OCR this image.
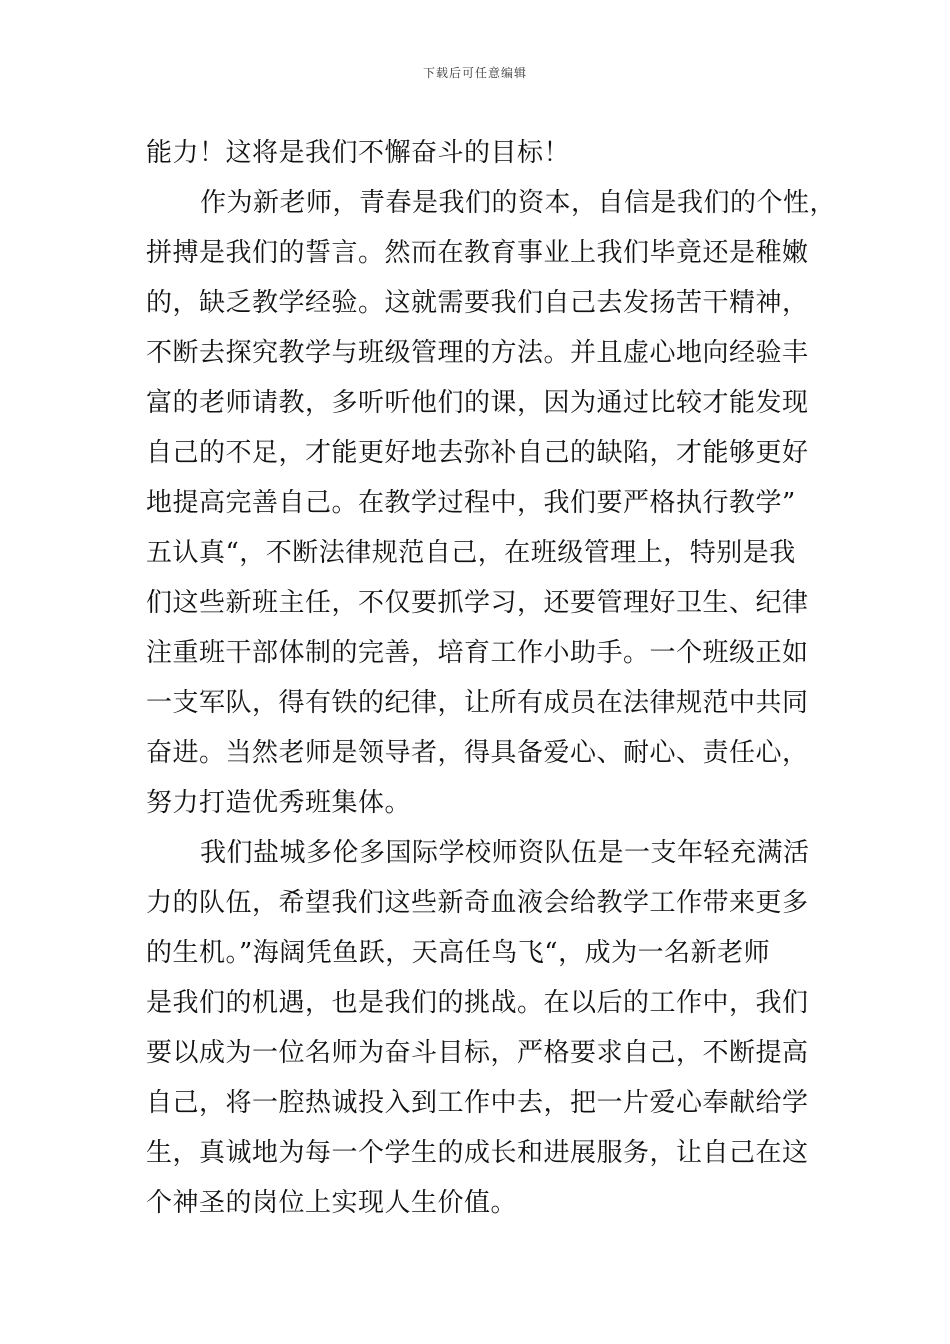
下载后可任意编辑
能力！这将是我们不懈奋斗的目标！
作为新老师，青春是我们的资本，自信是我们的个性，
拼搏是我们的誓言。然而在教育事业上我们毕竟还是稚嫩
的，缺乏教学经验。这就需要我们自己去发扬苦干精神，
不断去探究教学与班级管理的方法。并且虚心地向经验丰
富的老师请教，多听听他们的课，因为通过比较才能发现
自己的不足，才能更好地去弥补自己的缺陷，才能够更好
地提高完善自己。在教学过程中，我们要严格执行教学”
五认真“，不断法律规范自己，在班级管理上，特别是我
们这些新班主任，不仅要抓学习，还要管理好卫生、纪律
注重班干部体制的完善，培育工作小助手。一个班级正如
一支军队，得有铁的纪律，让所有成员在法律规范中共同
奋进。当然老师是领导者，得具备爱心、耐心、责任心，
努力打造优秀班集体。
我们盐城多伦多国际学校师资队伍是一支年轻充满活
力的队伍，希望我们这些新奇血液会给教学工作带来更多
的生机。”海阔凭鱼跃，天高任鸟飞“，成为一名新老师
是我们的机遇，也是我们的挑战。在以后的工作中，我们
要以成为一位名师为奋斗目标，严格要求自己，不断提高
自己，将一腔热诚投入到工作中去，把一片爱心奉献给学
生，真诚地为每一个学生的成长和进展服务，让自己在这
个神圣的岗位上实现人生价值。
